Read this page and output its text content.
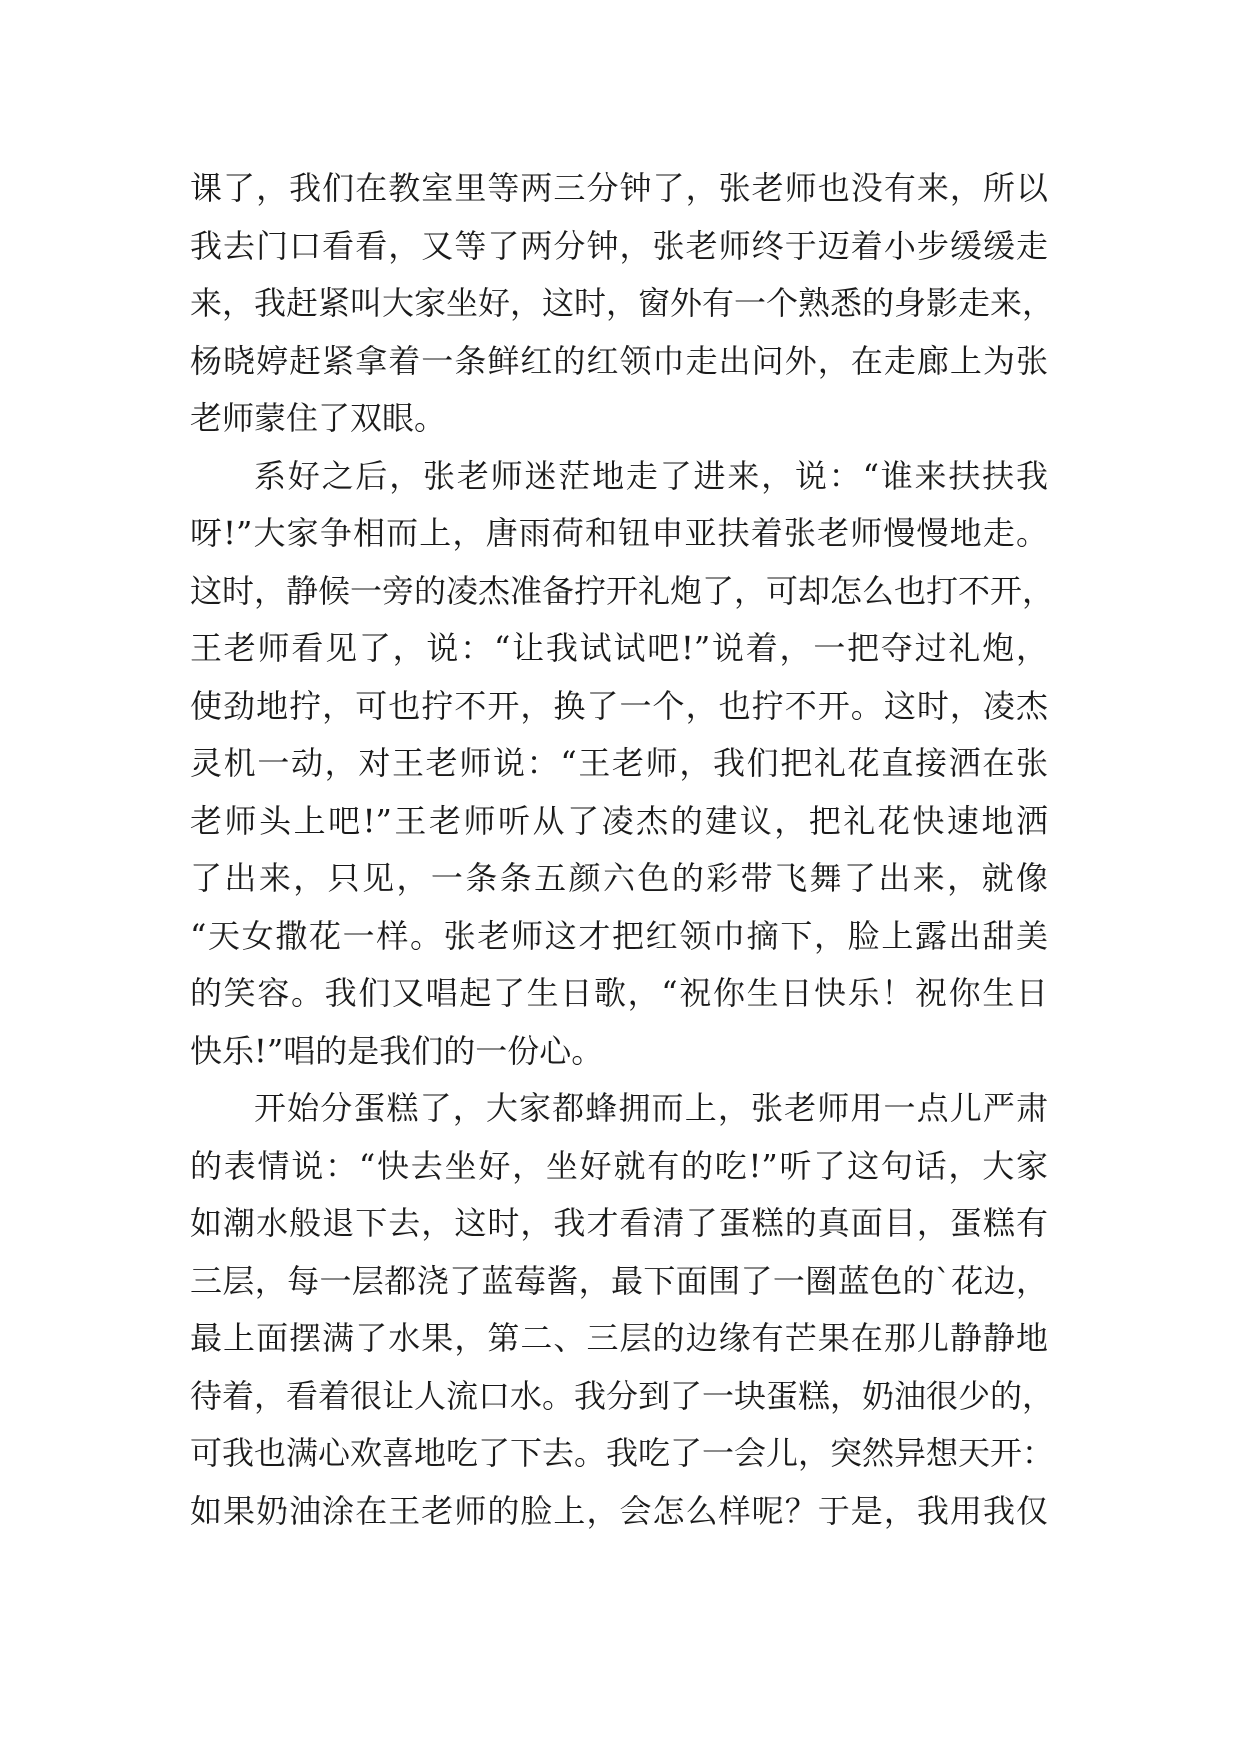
课了，我们在教室里等两三分钟了，张老师也没有来，所以
我去门口看看，又等了两分钟，张老师终于迈着小步缓缓走
来，我赶紧叫大家坐好，这时，窗外有一个熟悉的身影走来，
杨晓婷赶紧拿着一条鲜红的红领巾走出问外，在走廊上为张
老师蒙住了双眼。
系好之后，张老师迷茫地走了进来，说：“谁来扶扶我
呀!”大家争相而上，唐雨荷和钮申亚扶着张老师慢慢地走。
这时，静候一旁的凌杰准备拧开礼炮了，可却怎么也打不开，
王老师看见了，说：“让我试试吧!”说着，一把夺过礼炮，
使劲地拧，可也拧不开，换了一个，也拧不开。这时，凌杰
灵机一动，对王老师说：“王老师，我们把礼花直接洒在张
老师头上吧!”王老师听从了凌杰的建议，把礼花快速地洒
了出来，只见，一条条五颜六色的彩带飞舞了出来，就像
“天女撒花一样。张老师这才把红领巾摘下，脸上露出甜美
的笑容。我们又唱起了生日歌，“祝你生日快乐！祝你生日
快乐!”唱的是我们的一份心。
开始分蛋糕了，大家都蜂拥而上，张老师用一点儿严肃
的表情说：“快去坐好，坐好就有的吃!”听了这句话，大家
如潮水般退下去，这时，我才看清了蛋糕的真面目，蛋糕有
三层，每一层都浇了蓝莓酱，最下面围了一圈蓝色的`花边，
最上面摆满了水果，第二、三层的边缘有芒果在那儿静静地
待着，看着很让人流口水。我分到了一块蛋糕，奶油很少的，
可我也满心欢喜地吃了下去。我吃了一会儿，突然异想天开：
如果奶油涂在王老师的脸上，会怎么样呢？于是，我用我仅
